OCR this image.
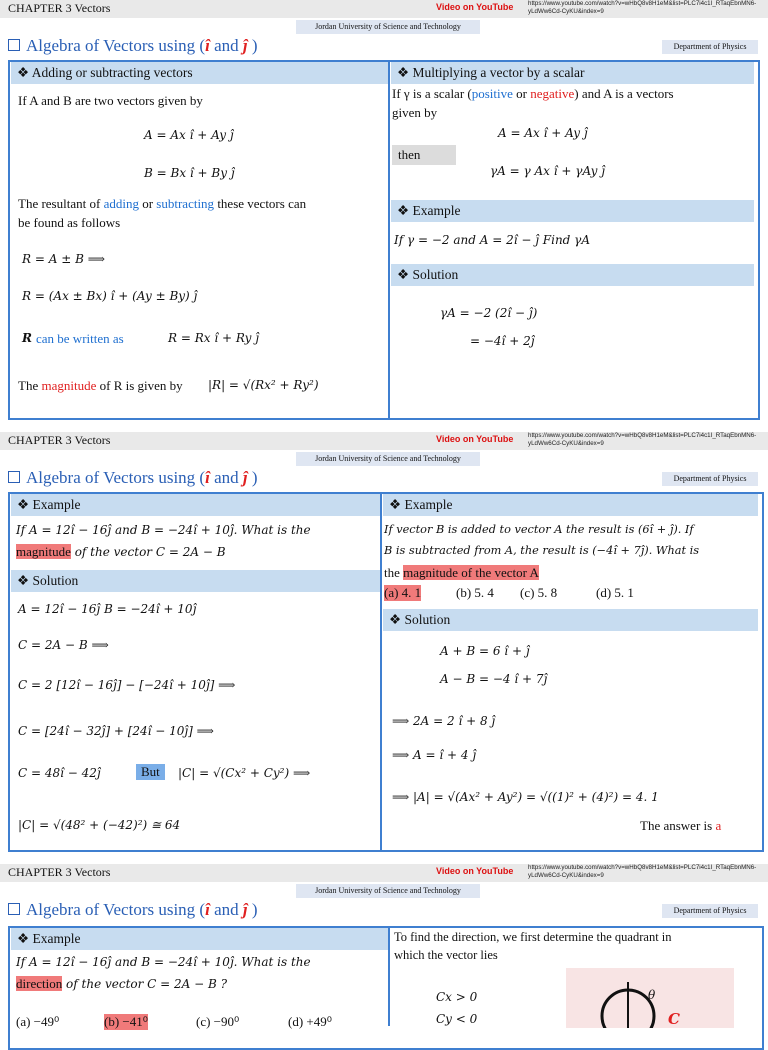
CHAPTER 3 Vectors	Video on YouTube https://www.youtube.com/watch?v=wHbQ8v8H1eM&list=PLC7i4c1I_RTaqEbnMN6-yLdWw6Cd-CyKU&index=9
Jordan University of Science and Technology
Algebra of Vectors using (î and ĵ )	Department of Physics
❖ Adding or subtracting vectors
If A and B are two vectors given by
A = Ax î + Ay ĵ
B = Bx î + By ĵ
The resultant of adding or subtracting these vectors can
be found as follows
R = A ± B ⟹
R = (Ax ± Bx) î + (Ay ± By) ĵ
R can be written as	R = Rx î + Ry ĵ
The magnitude of R is given by |R| = √(Rx² + Ry²)
❖ Multiplying a vector by a scalar
If γ is a scalar (positive or negative) and A is a vectors
given by
A = Ax î + Ay ĵ
then
γA = γ Ax î + γAy ĵ
❖ Example
If γ = −2 and A = 2î − ĵ Find γA
❖ Solution
γA = −2 (2î − ĵ)
= −4î + 2ĵ
CHAPTER 3 Vectors	Video on YouTube https://www.youtube.com/watch?v=wHbQ8v8H1eM&list=PLC7i4c1I_RTaqEbnMN6-yLdWw6Cd-CyKU&index=9
Jordan University of Science and Technology
Algebra of Vectors using (î and ĵ )	Department of Physics
❖ Example
If A = 12î − 16ĵ and B = −24î + 10ĵ. What is the
magnitude of the vector C = 2A − B
❖ Solution
A = 12î − 16ĵ B = −24î + 10ĵ
C = 2A − B ⟹
C = 2 [12î − 16ĵ] − [−24î + 10ĵ] ⟹
C = [24î − 32ĵ] + [24î − 10ĵ] ⟹
C = 48î − 42ĵ	But	|C| = √(Cx² + Cy²) ⟹
|C| = √(48² + (−42)²) ≅ 64
❖ Example
If vector B is added to vector A the result is (6î + ĵ). If
B is subtracted from A, the result is (−4î + 7ĵ). What is
the magnitude of the vector A
(a) 4. 1	(b) 5. 4 (c) 5. 8	(d) 5. 1
❖ Solution
A + B = 6 î + ĵ
A − B = −4 î + 7ĵ
⟹ 2A = 2 î + 8 ĵ
⟹ A = î + 4 ĵ
⟹ |A| = √(Ax² + Ay²) = √((1)² + (4)²) = 4. 1
The answer is a
CHAPTER 3 Vectors	Video on YouTube https://www.youtube.com/watch?v=wHbQ8v8H1eM&list=PLC7i4c1I_RTaqEbnMN6-yLdWw6Cd-CyKU&index=9
Jordan University of Science and Technology
Algebra of Vectors using (î and ĵ )	Department of Physics
❖ Example
If A = 12î − 16ĵ and B = −24î + 10ĵ. What is the
direction of the vector C = 2A − B ?
(a) −49⁰	(b) −41⁰	(c) −90⁰	(d) +49⁰
To find the direction, we first determine the quadrant in
which the vector lies
Cx > 0
Cy < 0
θ
C
